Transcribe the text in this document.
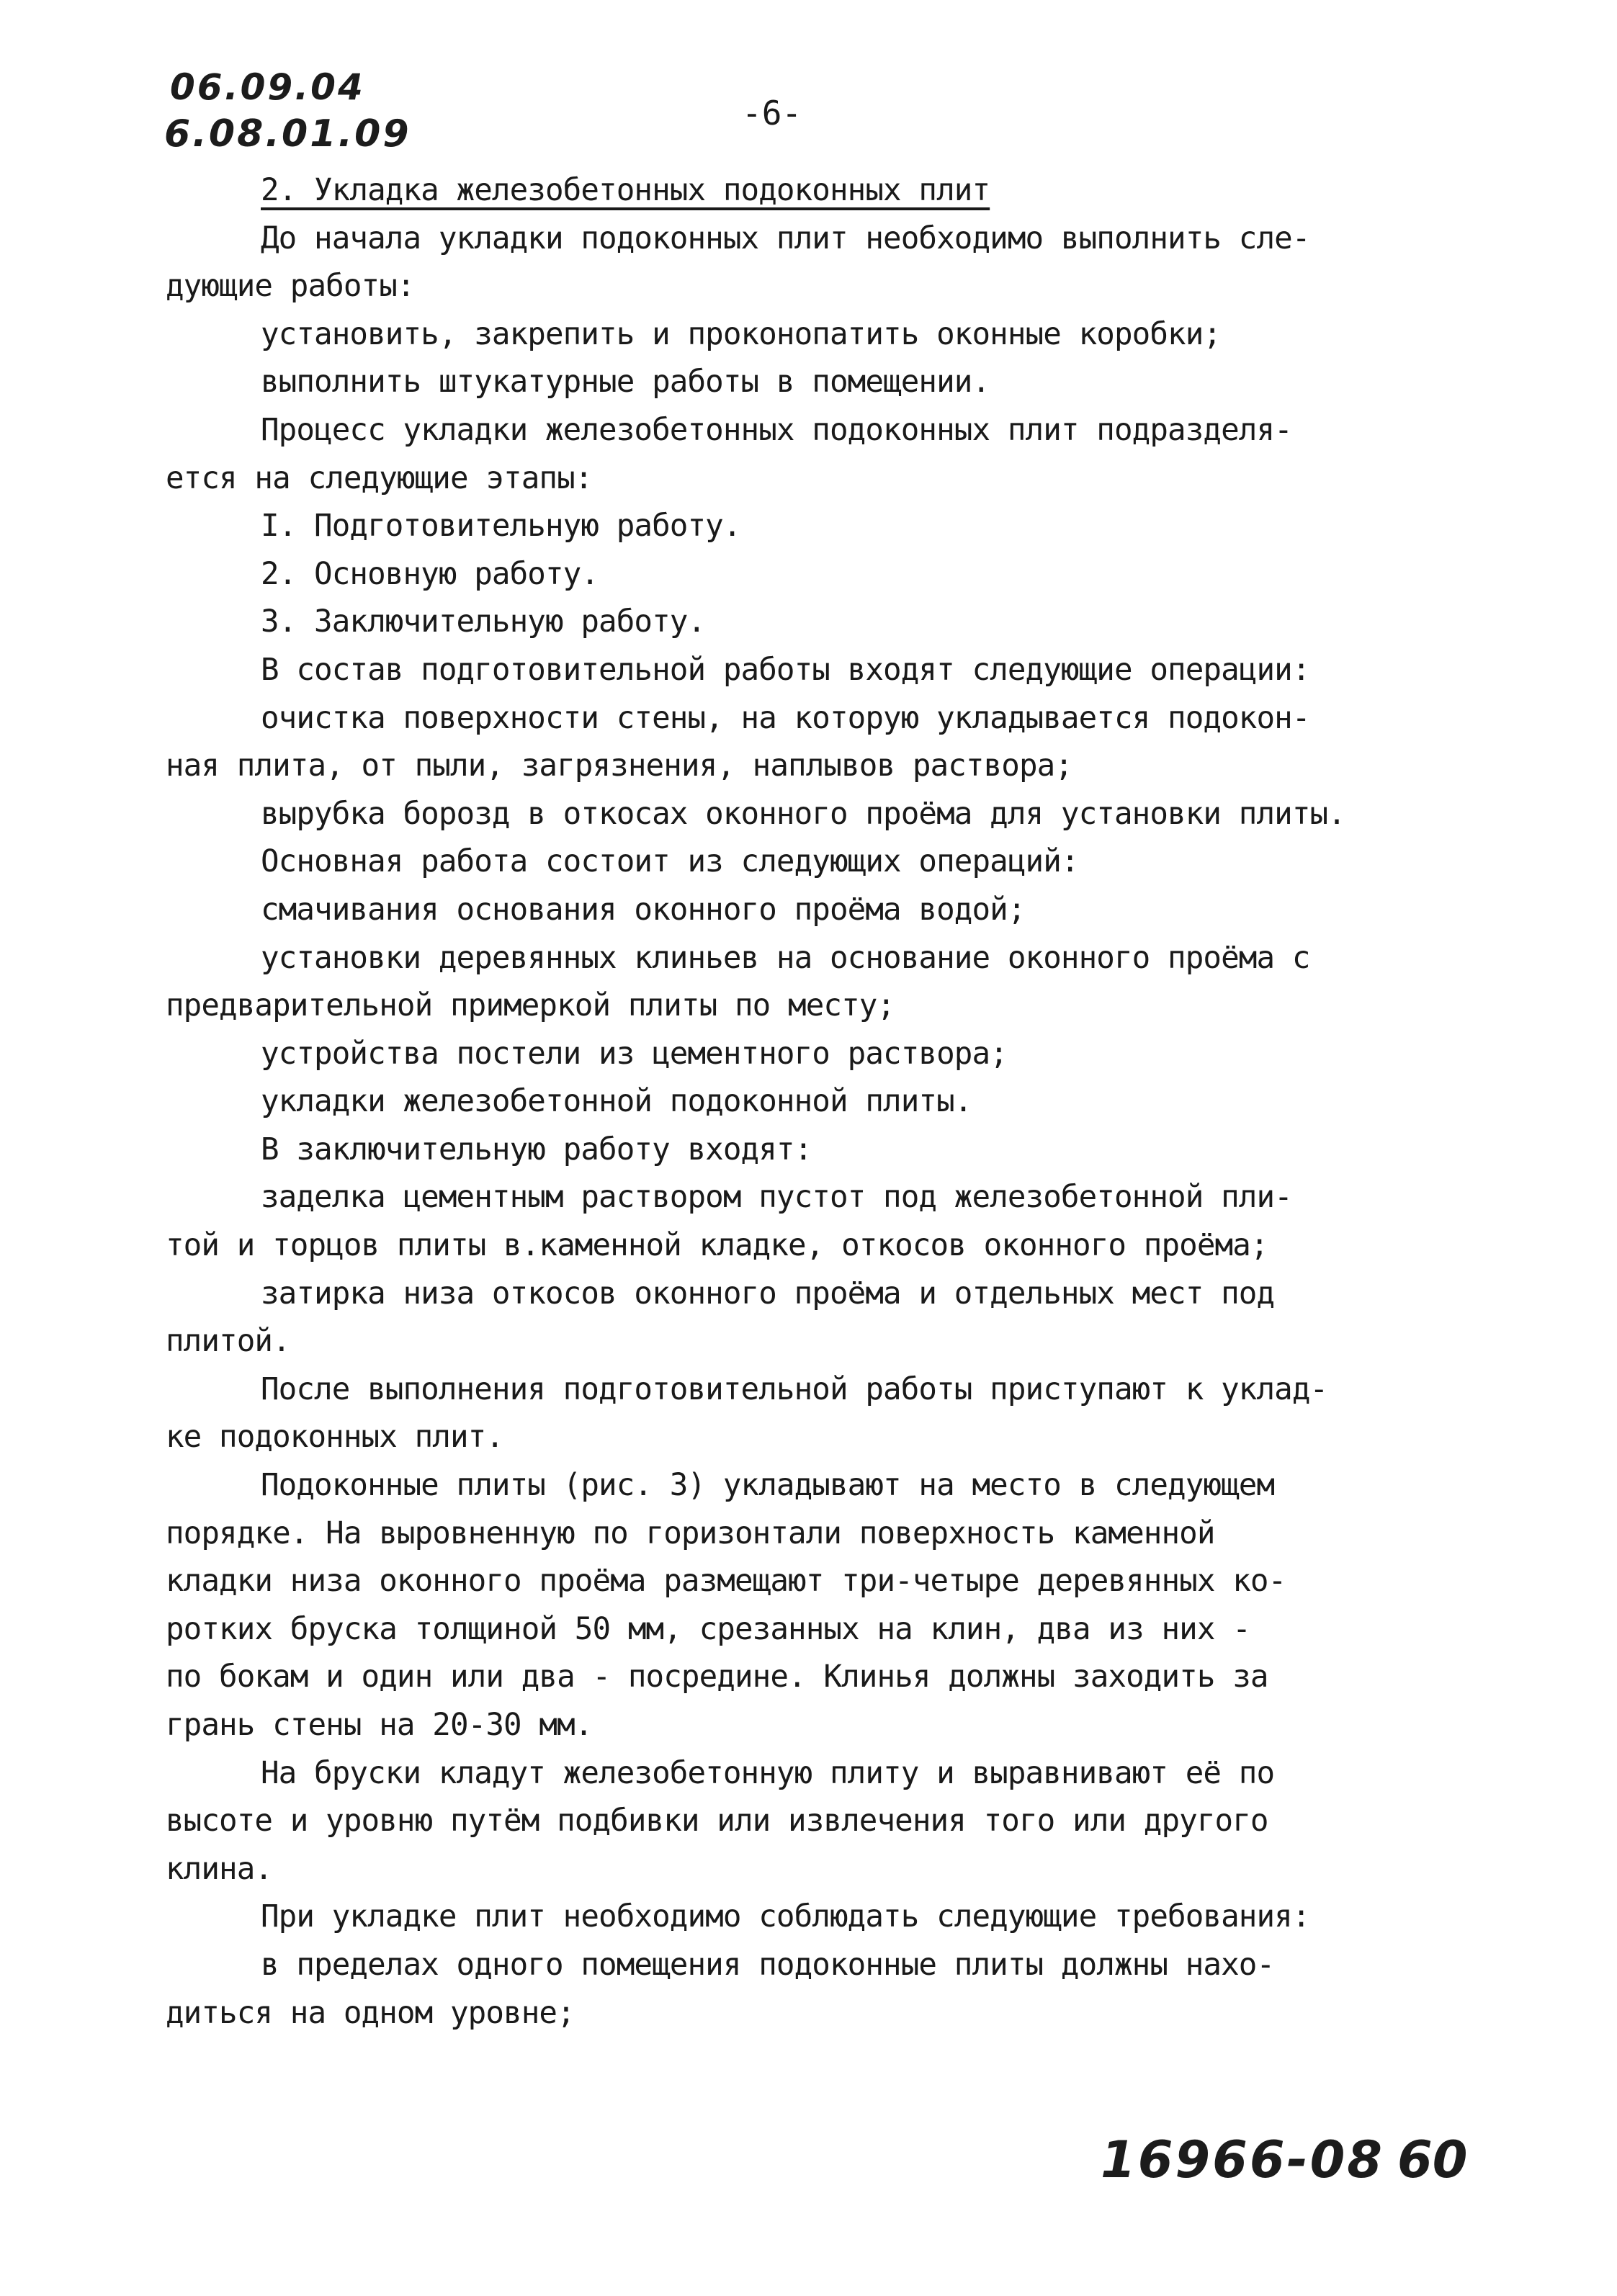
06.09.04
6.08.01.09	-6-
2. Укладка железобетонных подоконных плит
До начала укладки подоконных плит необходимо выполнить сле-
дующие работы:
установить, закрепить и проконопатить оконные коробки;
выполнить штукатурные работы в помещении.
Процесс укладки железобетонных подоконных плит подразделя-
ется на следующие этапы:
I. Подготовительную работу.
2. Основную работу.
3. Заключительную работу.
В состав подготовительной работы входят следующие операции:
очистка поверхности стены, на которую укладывается подокон-
ная плита, от пыли, загрязнения, наплывов раствора;
вырубка борозд в откосах оконного проёма для установки плиты.
Основная работа состоит из следующих операций:
смачивания основания оконного проёма водой;
установки деревянных клиньев на основание оконного проёма с
предварительной примеркой плиты по месту;
устройства постели из цементного раствора;
укладки железобетонной подоконной плиты.
В заключительную работу входят:
заделка цементным раствором пустот под железобетонной пли-
той и торцов плиты в.каменной кладке, откосов оконного проёма;
затирка низа откосов оконного проёма и отдельных мест под
плитой.
После выполнения подготовительной работы приступают к уклад-
ке подоконных плит.
Подоконные плиты (рис. 3) укладывают на место в следующем
порядке. На выровненную по горизонтали поверхность каменной
кладки низа оконного проёма размещают три-четыре деревянных ко-
ротких бруска толщиной 50 мм, срезанных на клин, два из них -
по бокам и один или два - посредине. Клинья должны заходить за
грань стены на 20-30 мм.
На бруски кладут железобетонную плиту и выравнивают её по
высоте и уровню путём подбивки или извлечения того или другого
клина.
При укладке плит необходимо соблюдать следующие требования:
в пределах одного помещения подоконные плиты должны нахо-
диться на одном уровне;
16966-08 60
